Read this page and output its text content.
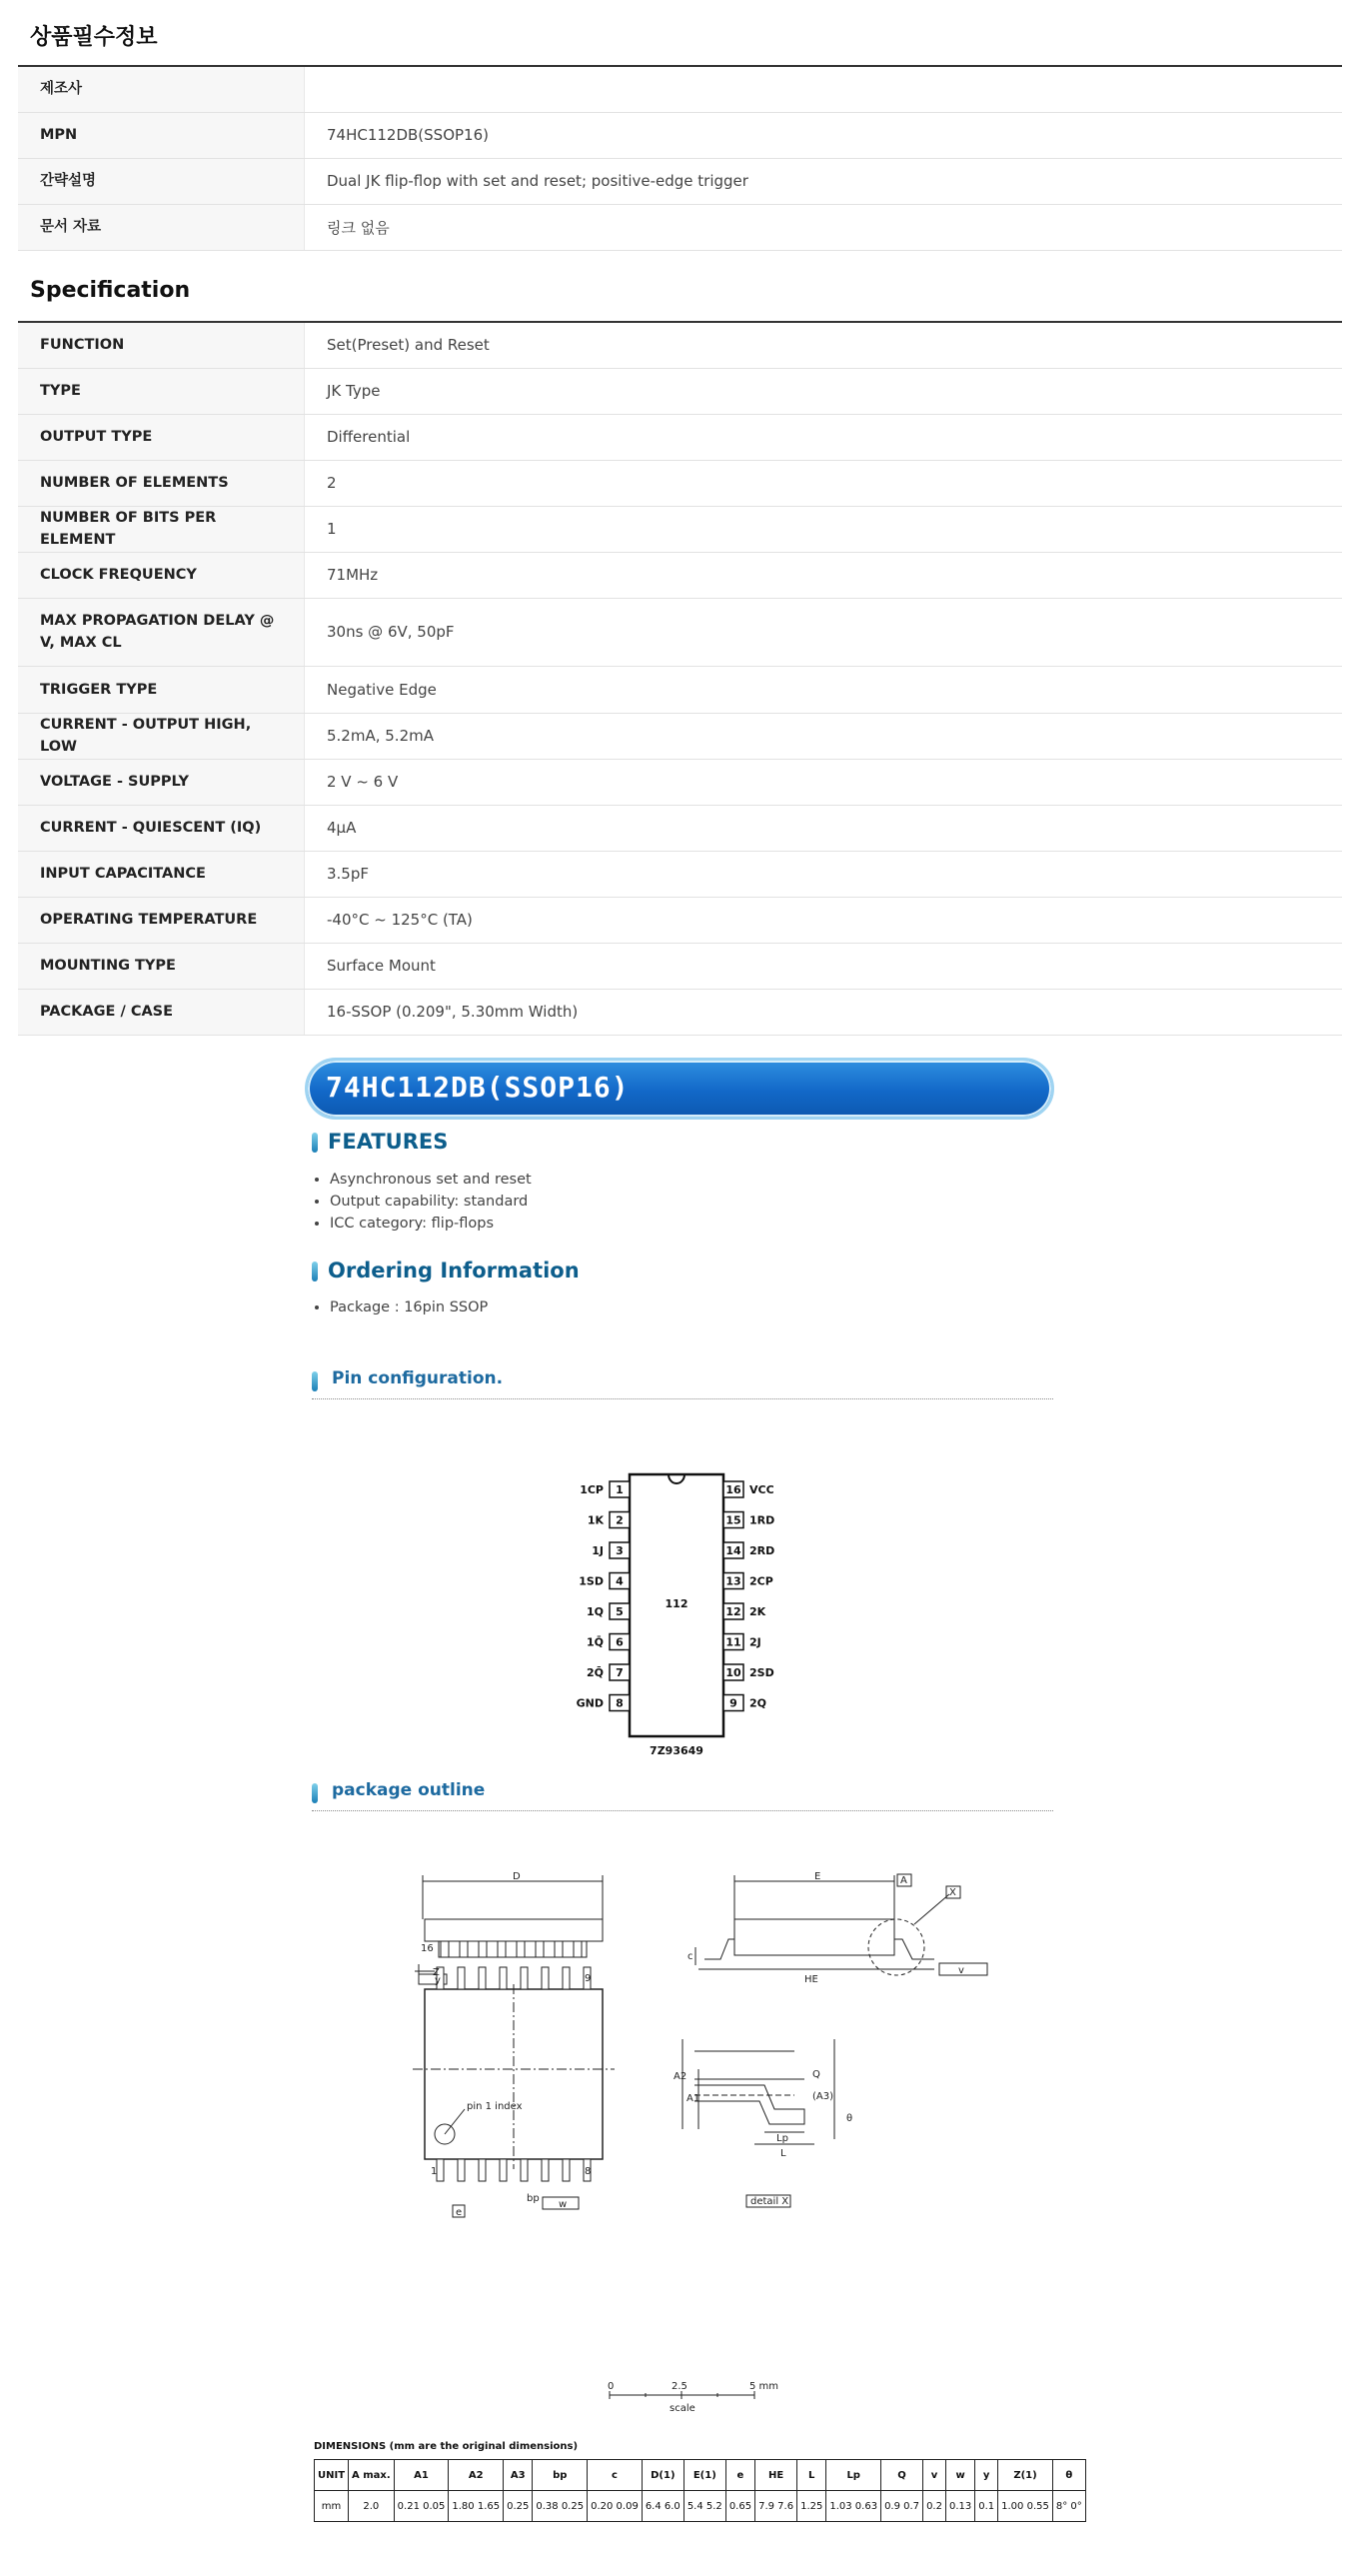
상품필수정보
제조사	
MPN	74HC112DB(SSOP16)
간략설명	Dual JK flip-flop with set and reset; positive-edge trigger
문서 자료	링크 없음
Specification
FUNCTION	Set(Preset) and Reset
TYPE	JK Type
OUTPUT TYPE	Differential
NUMBER OF ELEMENTS	2
NUMBER OF BITS PER ELEMENT	1
CLOCK FREQUENCY	71MHz
MAX PROPAGATION DELAY @ V, MAX CL	30ns @ 6V, 50pF
TRIGGER TYPE	Negative Edge
CURRENT - OUTPUT HIGH, LOW	5.2mA, 5.2mA
VOLTAGE - SUPPLY	2 V ~ 6 V
CURRENT - QUIESCENT (IQ)	4µA
INPUT CAPACITANCE	3.5pF
OPERATING TEMPERATURE	-40°C ~ 125°C (TA)
MOUNTING TYPE	Surface Mount
PACKAGE / CASE	16-SSOP (0.209", 5.30mm Width)
74HC112DB(SSOP16)
FEATURES
• Asynchronous set and reset
• Output capability: standard
• ICC category: flip-flops
Ordering Information
• Package : 16pin SSOP
Pin configuration.
112
7Z93649
1
1CP
2
1K
3
1J
4
1SD
5
1Q
6
1Q̄
7
2Q̄
8
GND
16 VCC
15 1RD
14 2RD
13 2CP
12 2K
11 2J
10 2SD
9 2Q
package outline
D
y
E	A
X
HE
c
v
Z
16
9
1	8
pin 1 index
e
bp
w
Q
A1
A2
(A3)
Lp
L
θ
detail X
0	2.5	5 mm
scale
DIMENSIONS (mm are the original dimensions)
UNIT	A max.	A1	A2	A3	bp	c	D(1)	E(1)	e	HE	L	Lp	Q	v	w	y	Z(1)	θ
mm	2.0	0.21 0.05	1.80 1.65	0.25	0.38 0.25	0.20 0.09	6.4 6.0	5.4 5.2	0.65	7.9 7.6	1.25	1.03 0.63	0.9 0.7	0.2	0.13	0.1	1.00 0.55	8° 0°
